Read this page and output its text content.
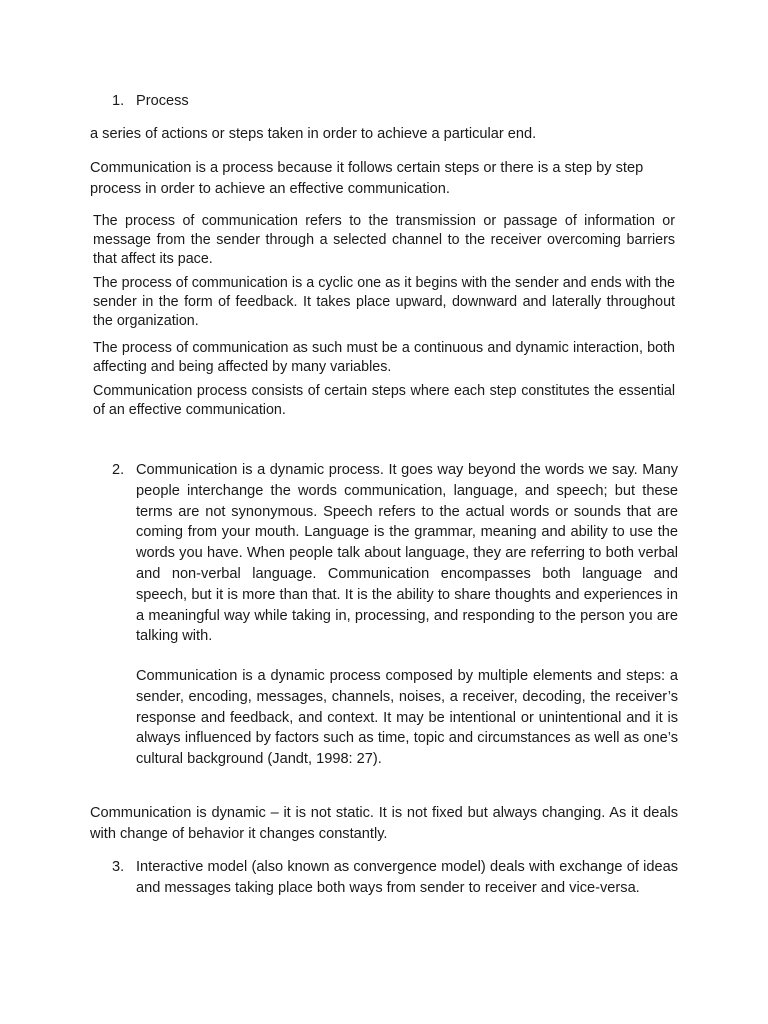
1. Process

a series of actions or steps taken in order to achieve a particular end.

Communication is a process because it follows certain steps or there is a step by step process in order to achieve an effective communication.

The process of communication refers to the transmission or passage of information or message from the sender through a selected channel to the receiver overcoming barriers that affect its pace.

The process of communication is a cyclic one as it begins with the sender and ends with the sender in the form of feedback. It takes place upward, downward and laterally throughout the organization.

The process of communication as such must be a continuous and dynamic interaction, both affecting and being affected by many variables.

Communication process consists of certain steps where each step constitutes the essential of an effective communication.

2. Communication is a dynamic process. It goes way beyond the words we say. Many people interchange the words communication, language, and speech; but these terms are not synonymous. Speech refers to the actual words or sounds that are coming from your mouth. Language is the grammar, meaning and ability to use the words you have. When people talk about language, they are referring to both verbal and non-verbal language. Communication encompasses both language and speech, but it is more than that. It is the ability to share thoughts and experiences in a meaningful way while taking in, processing, and responding to the person you are talking with.

Communication is a dynamic process composed by multiple elements and steps: a sender, encoding, messages, channels, noises, a receiver, decoding, the receiver’s response and feedback, and context. It may be intentional or unintentional and it is always influenced by factors such as time, topic and circumstances as well as one’s cultural background (Jandt, 1998: 27).

Communication is dynamic – it is not static. It is not fixed but always changing. As it deals with change of behavior it changes constantly.

3. Interactive model (also known as convergence model) deals with exchange of ideas and messages taking place both ways from sender to receiver and vice-versa.
